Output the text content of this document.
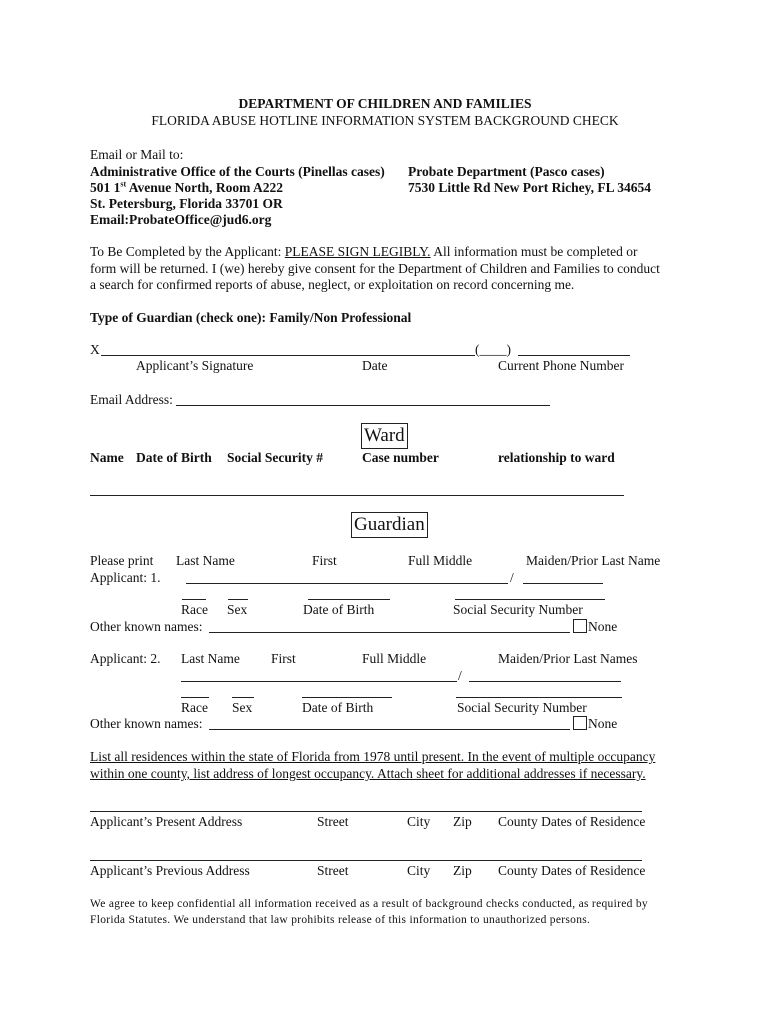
DEPARTMENT OF CHILDREN AND FAMILIES
FLORIDA ABUSE HOTLINE INFORMATION SYSTEM BACKGROUND CHECK
Email or Mail to:
Administrative Office of the Courts (Pinellas cases)
501 1st Avenue North, Room A222
St. Petersburg, Florida 33701 OR
Email:ProbateOffice@jud6.org
Probate Department (Pasco cases)
7530 Little Rd New Port Richey, FL 34654
To Be Completed by the Applicant: PLEASE SIGN LEGIBLY. All information must be completed or
form will be returned. I (we) hereby give consent for the Department of Children and Families to conduct
a search for confirmed reports of abuse, neglect, or exploitation on record concerning me.
Type of Guardian (check one): Family/Non Professional
X	(____)
Applicant’s Signature	Date	Current Phone Number
Email Address:
Ward
Name Date of Birth Social Security #	Case number	relationship to ward
Guardian
Please print Last Name	First	Full Middle	Maiden/Prior Last Name
Applicant: 1.	/
Race Sex	Date of Birth	Social Security Number
Other known names:	None
Applicant: 2. Last Name First	Full Middle	Maiden/Prior Last Names
/
Race Sex	Date of Birth	Social Security Number
Other known names:	None
List all residences within the state of Florida from 1978 until present. In the event of multiple occupancy
within one county, list address of longest occupancy. Attach sheet for additional addresses if necessary.
Applicant’s Present Address	Street	City Zip County Dates of Residence
Applicant’s Previous Address	Street	City Zip County Dates of Residence
We agree to keep confidential all information received as a result of background checks conducted, as required by
Florida Statutes. We understand that law prohibits release of this information to unauthorized persons.
